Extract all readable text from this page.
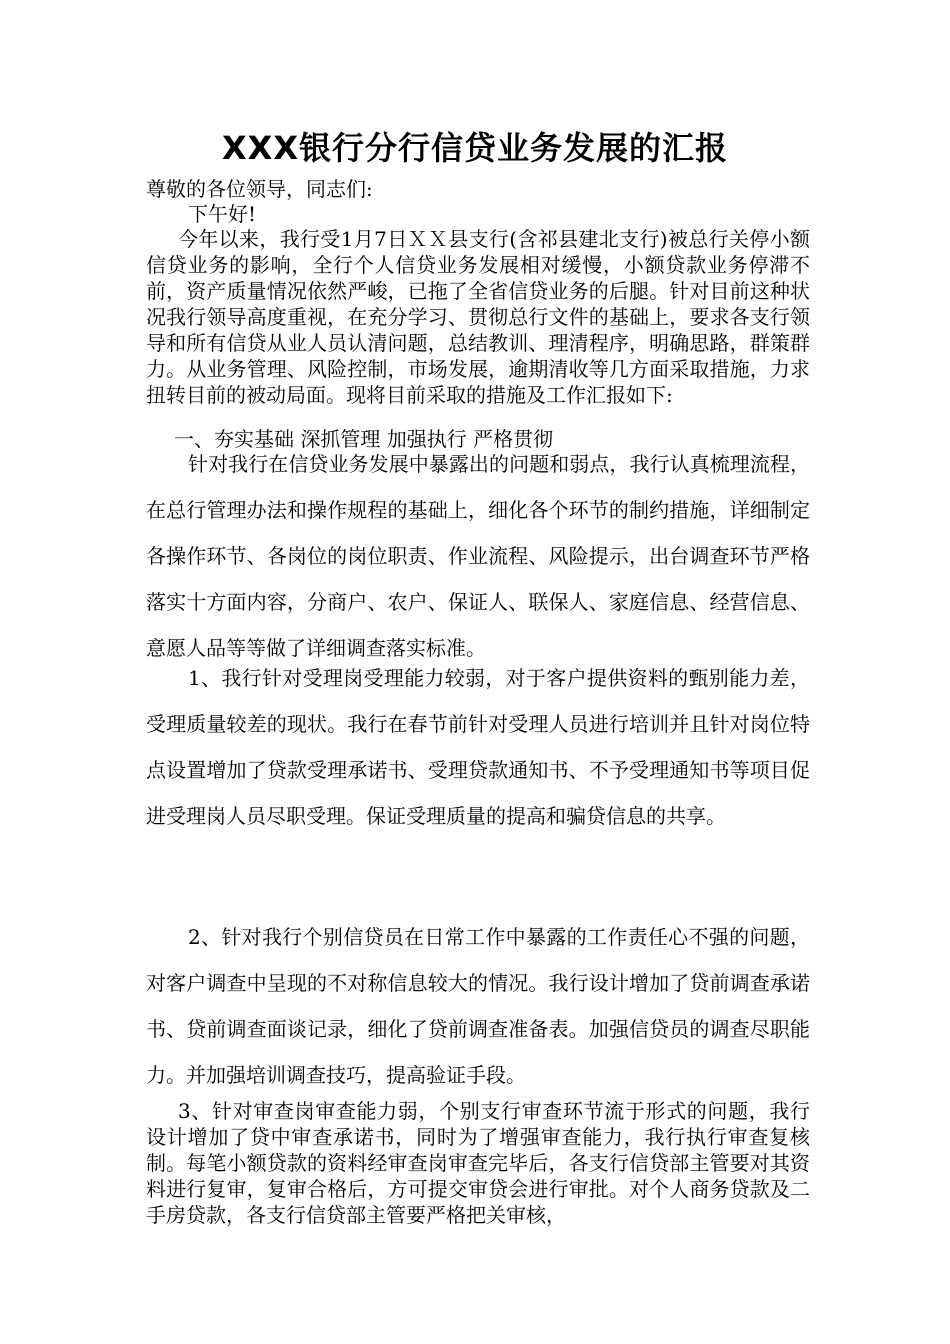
XXX银行分行信贷业务发展的汇报
尊敬的各位领导，同志们:
下午好!
今年以来，我行受1月7日ＸＸ县支行(含祁县建北支行)被总行关停小额信贷业务的影响，全行个人信贷业务发展相对缓慢，小额贷款业务停滞不前，资产质量情况依然严峻，已拖了全省信贷业务的后腿。针对目前这种状况我行领导高度重视，在充分学习、贯彻总行文件的基础上，要求各支行领导和所有信贷从业人员认清问题，总结教训、理清程序，明确思路，群策群力。从业务管理、风险控制，市场发展，逾期清收等几方面采取措施，力求扭转目前的被动局面。现将目前采取的措施及工作汇报如下:
一、夯实基础 深抓管理 加强执行 严格贯彻
针对我行在信贷业务发展中暴露出的问题和弱点，我行认真梳理流程，在总行管理办法和操作规程的基础上，细化各个环节的制约措施，详细制定各操作环节、各岗位的岗位职责、作业流程、风险提示，出台调查环节严格落实十方面内容，分商户、农户、保证人、联保人、家庭信息、经营信息、意愿人品等等做了详细调查落实标准。
1、我行针对受理岗受理能力较弱，对于客户提供资料的甄别能力差，受理质量较差的现状。我行在春节前针对受理人员进行培训并且针对岗位特点设置增加了贷款受理承诺书、受理贷款通知书、不予受理通知书等项目促进受理岗人员尽职受理。保证受理质量的提高和骗贷信息的共享。
2、针对我行个别信贷员在日常工作中暴露的工作责任心不强的问题，对客户调查中呈现的不对称信息较大的情况。我行设计增加了贷前调查承诺书、贷前调查面谈记录，细化了贷前调查准备表。加强信贷员的调查尽职能力。并加强培训调查技巧，提高验证手段。
3、针对审查岗审查能力弱，个别支行审查环节流于形式的问题，我行设计增加了贷中审查承诺书，同时为了增强审查能力，我行执行审查复核制。每笔小额贷款的资料经审查岗审查完毕后，各支行信贷部主管要对其资料进行复审，复审合格后，方可提交审贷会进行审批。对个人商务贷款及二手房贷款，各支行信贷部主管要严格把关审核，
